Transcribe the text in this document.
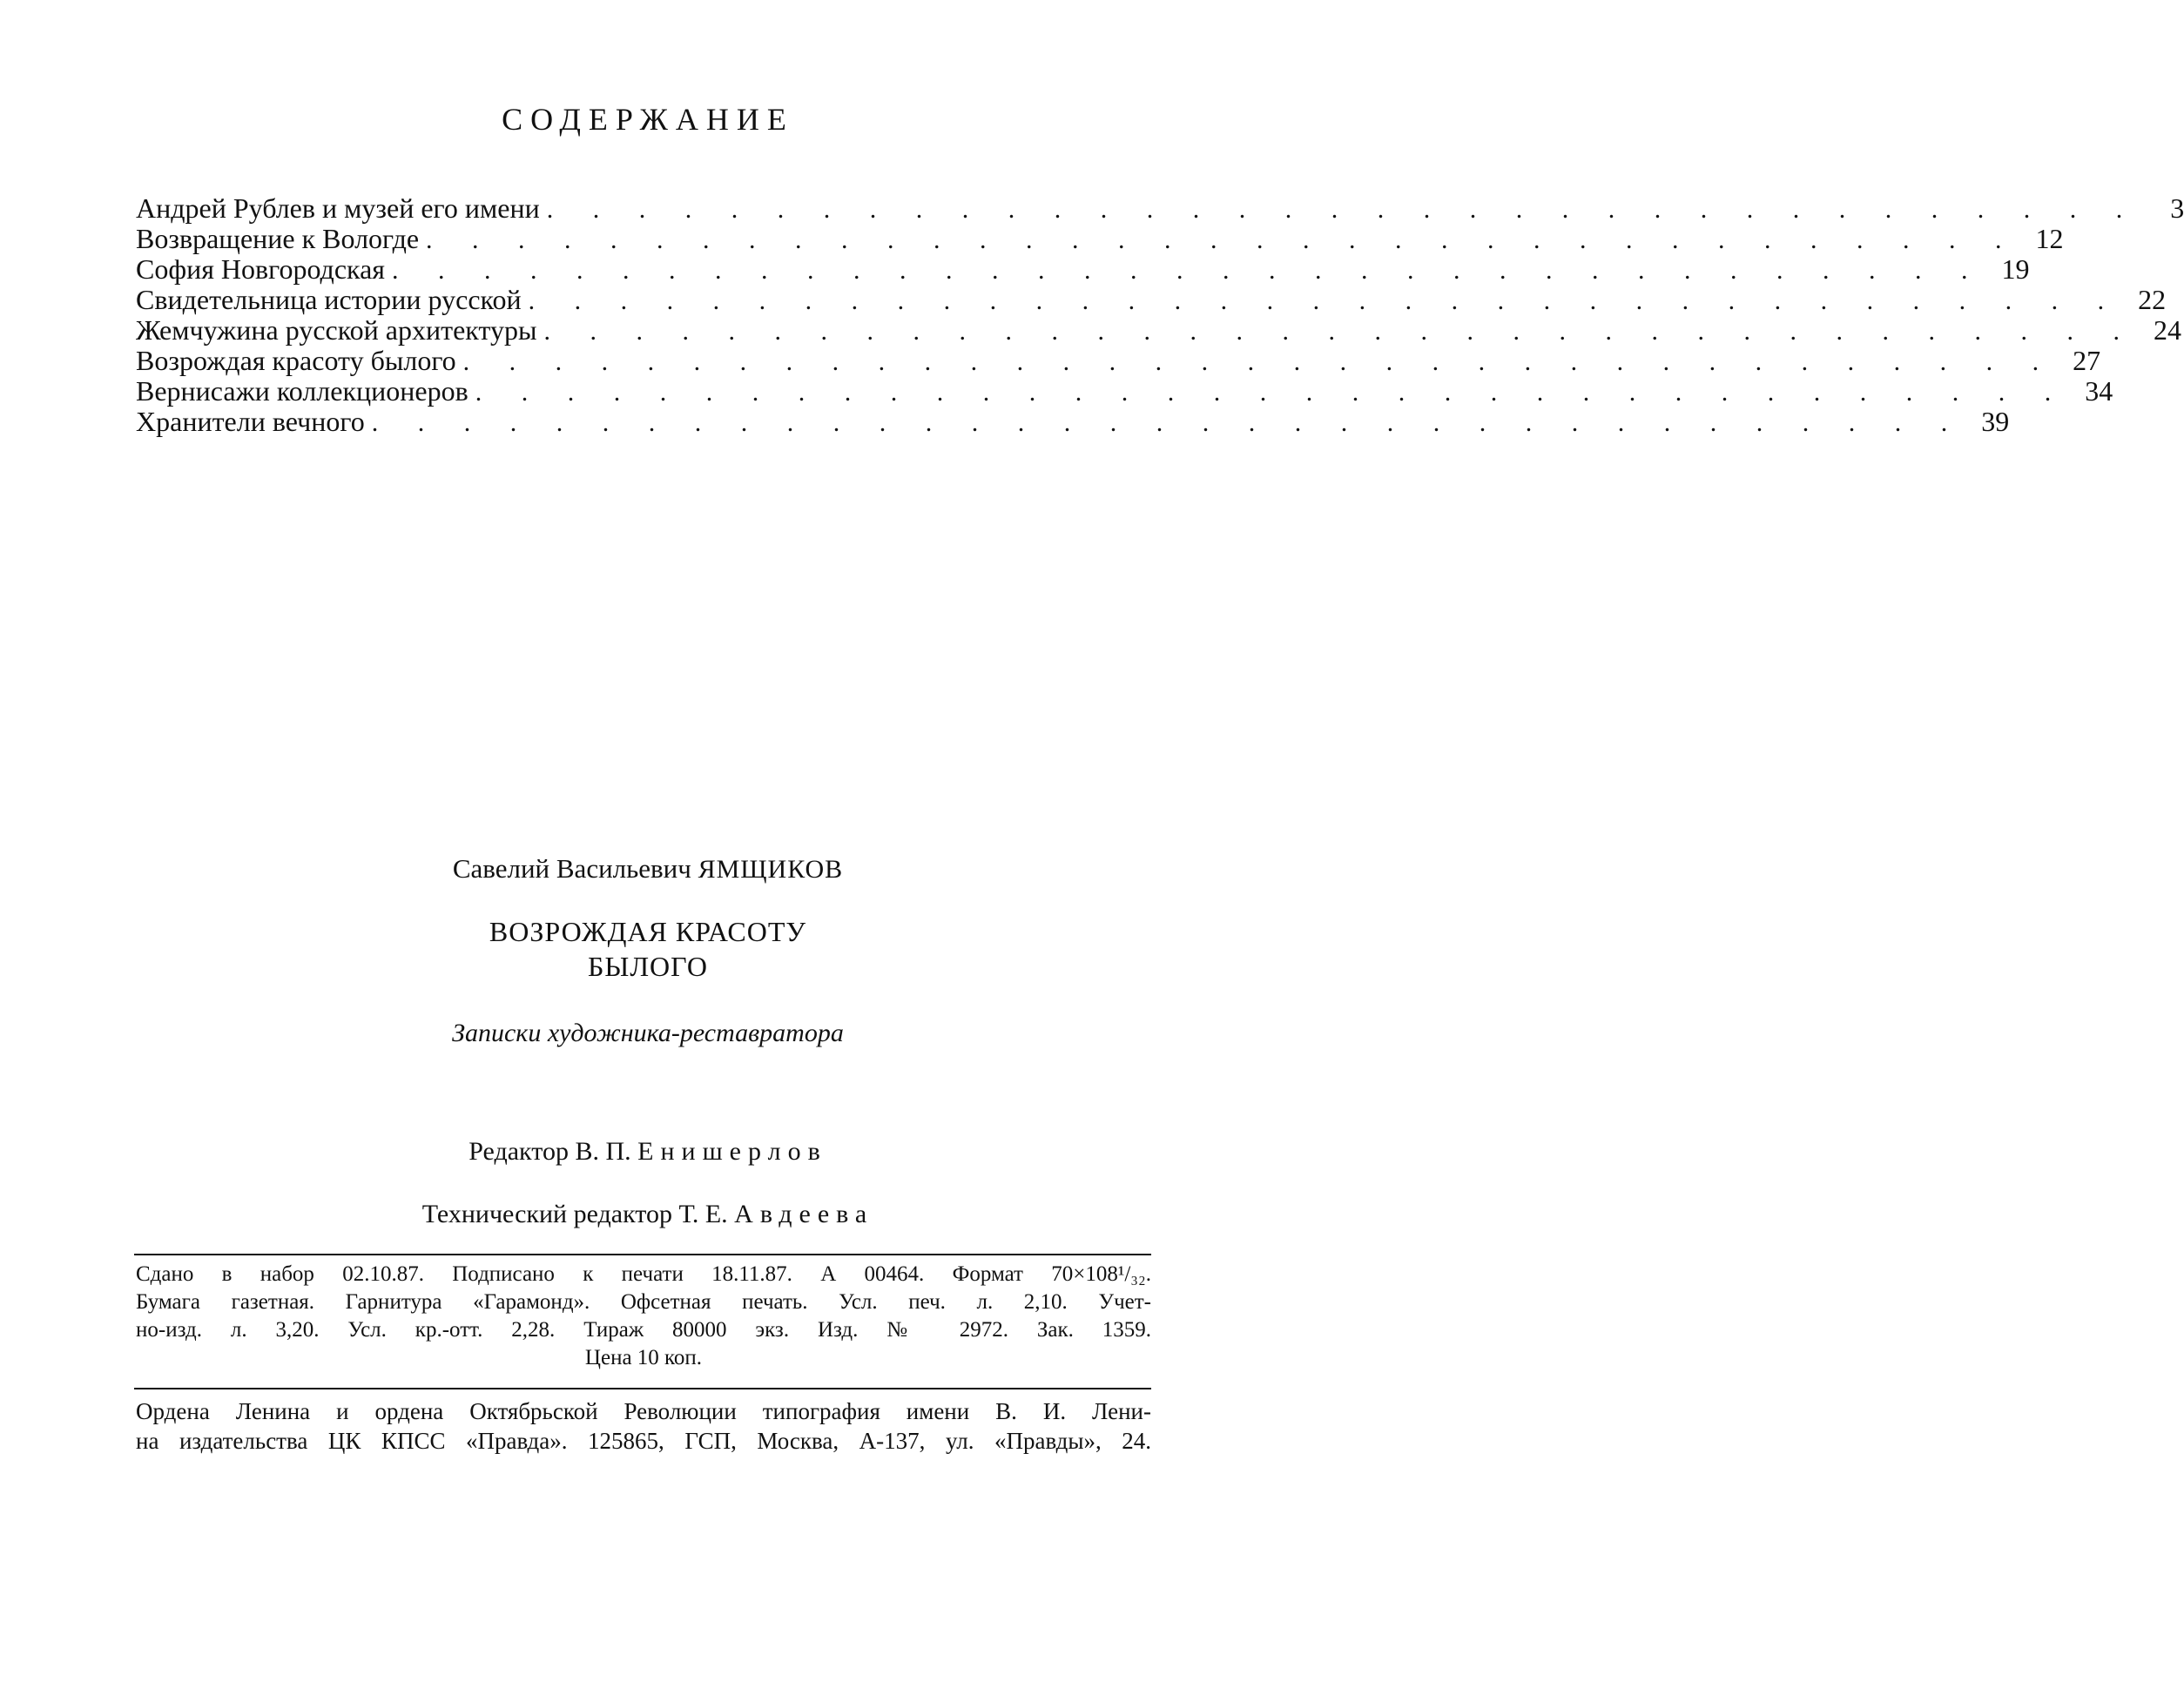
СОДЕРЖАНИЕ
Андрей Рублев и музей его имени . . . . . . . . . . . . . . . . . . . . . . . . . . . . . . . . . . .	3
Возвращение к Вологде . . . . . . . . . . . . . . . . . . . . . . . . . . . . . . . . . . . 12
София Новгородская . . . . . . . . . . . . . . . . . . . . . . . . . . . . . . . . . . . 19
Свидетельница истории русской . . . . . . . . . . . . . . . . . . . . . . . . . . . . . . . . . . . 22
Жемчужина русской архитектуры . . . . . . . . . . . . . . . . . . . . . . . . . . . . . . . . . . . 24
Возрождая красоту былого . . . . . . . . . . . . . . . . . . . . . . . . . . . . . . . . . . . 27
Вернисажи коллекционеров . . . . . . . . . . . . . . . . . . . . . . . . . . . . . . . . . . . 34
Хранители вечного . . . . . . . . . . . . . . . . . . . . . . . . . . . . . . . . . . . 39
Савелий Васильевич ЯМЩИКОВ
ВОЗРОЖДАЯ КРАСОТУ
БЫЛОГО
Записки художника-реставратора
Редактор В. П. Енишерлов
Технический редактор Т. Е. Авдеева
Сдано в набор 02.10.87. Подписано к печати 18.11.87. А 00464. Формат 70×108¹/₃₂.
Бумага газетная. Гарнитура «Гарамонд». Офсетная печать. Усл. печ. л. 2,10. Учет-
но-изд. л. 3,20. Усл. кр.-отт. 2,28. Тираж 80000 экз. Изд. № 2972. Зак. 1359.
Цена 10 коп.
Ордена Ленина и ордена Октябрьской Революции типография имени В. И. Лени-
на издательства ЦК КПСС «Правда». 125865, ГСП, Москва, А-137, ул. «Правды», 24.
